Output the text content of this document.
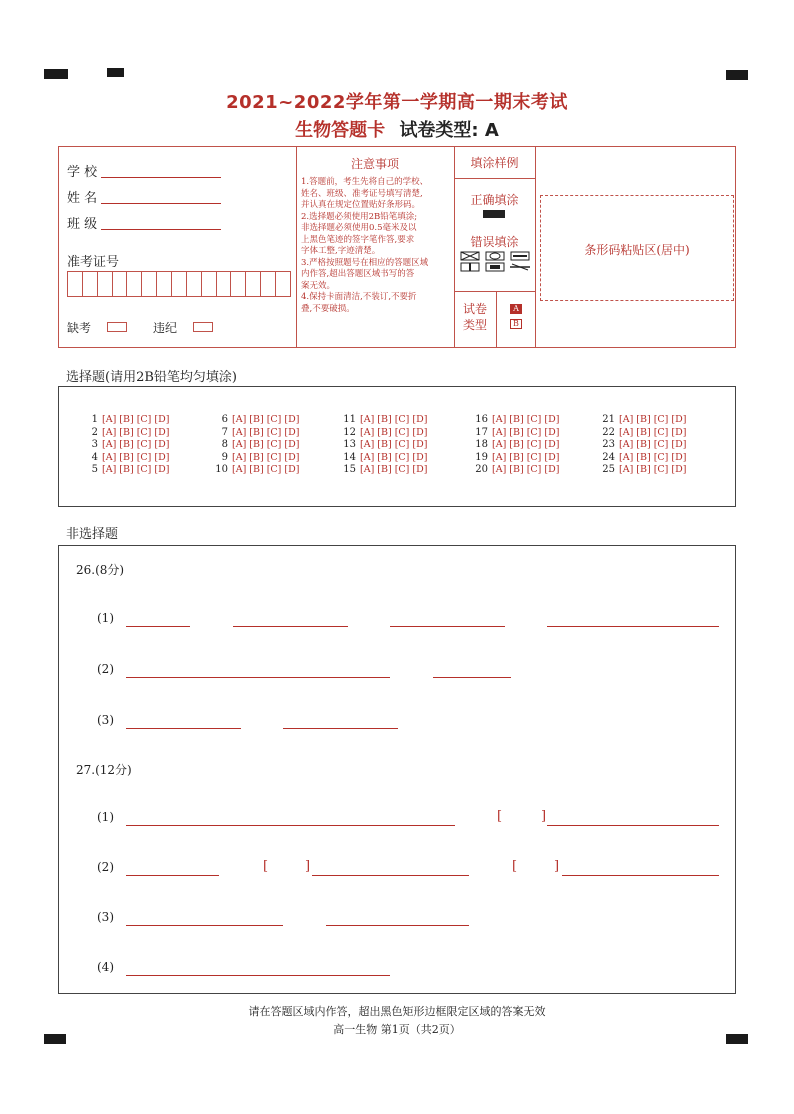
2021~2022学年第一学期高一期末考试
生物答题卡 试卷类型: A
学 校
姓 名
班 级
准考证号
缺考	违纪
注意事项
1.答题前，考生先将自己的学校、
姓名、班级、准考证号填写清楚,
并认真在规定位置贴好条形码。
2.选择题必须使用2B铅笔填涂;
非选择题必须使用0.5毫米及以
上黑色笔迹的签字笔作答,要求
字体工整,字迹清楚。
3.严格按照题号在相应的答题区域
内作答,超出答题区域书写的答
案无效。
4.保持卡面清洁,不装订,不要折
叠,不要破损。
填涂样例
正确填涂
错误填涂
试卷类型
A
B
条形码粘贴区(居中)
选择题(请用2B铅笔均匀填涂)
1 [A] [B] [C] [D]
2 [A] [B] [C] [D]
3 [A] [B] [C] [D]
4 [A] [B] [C] [D]
5 [A] [B] [C] [D]
6 [A] [B] [C] [D]
7 [A] [B] [C] [D]
8 [A] [B] [C] [D]
9 [A] [B] [C] [D]
10 [A] [B] [C] [D]
11 [A] [B] [C] [D]
12 [A] [B] [C] [D]
13 [A] [B] [C] [D]
14 [A] [B] [C] [D]
15 [A] [B] [C] [D]
16 [A] [B] [C] [D]
17 [A] [B] [C] [D]
18 [A] [B] [C] [D]
19 [A] [B] [C] [D]
20 [A] [B] [C] [D]
21 [A] [B] [C] [D]
22 [A] [B] [C] [D]
23 [A] [B] [C] [D]
24 [A] [B] [C] [D]
25 [A] [B] [C] [D]
非选择题
26.(8分)
(1)
(2)
(3)
27.(12分)
(1)	[	]
(2)	[	]	[	]
(3)
(4)
请在答题区域内作答，超出黑色矩形边框限定区域的答案无效
高一生物 第1页（共2页）
